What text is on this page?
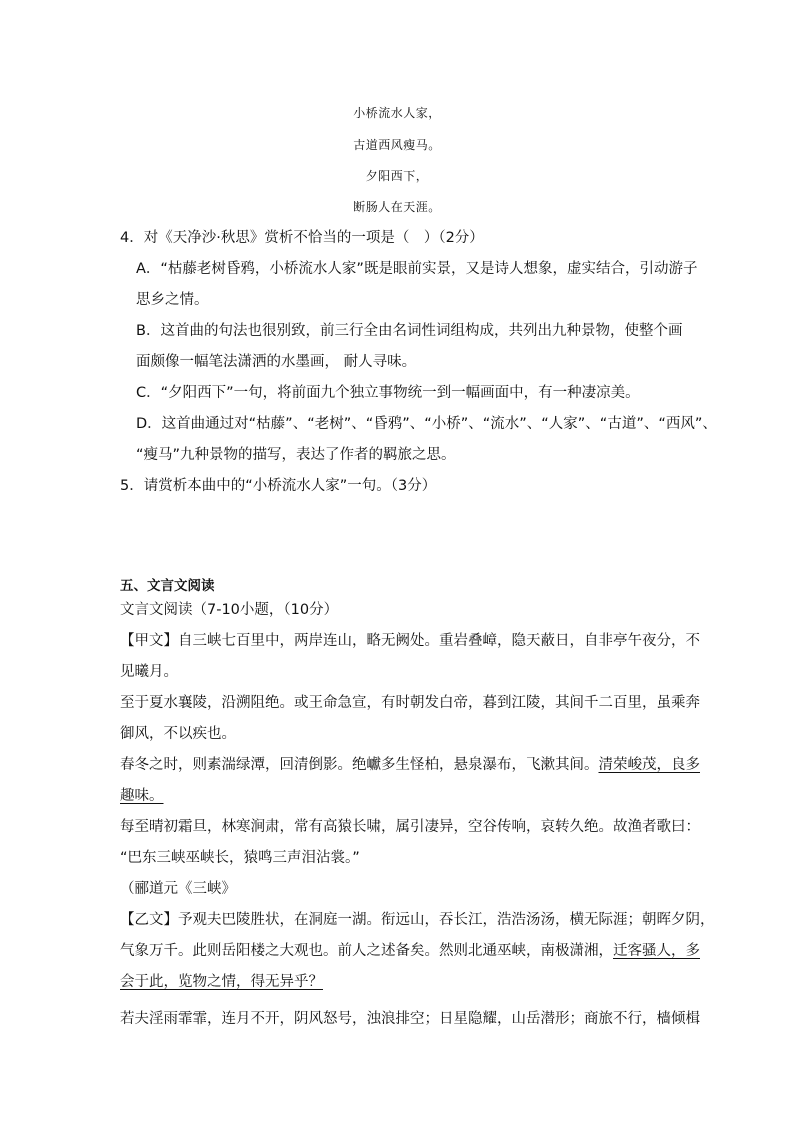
小桥流水人家，
古道西风瘦马。
夕阳西下，
断肠人在天涯。
4．对《天净沙·秋思》赏析不恰当的一项是（　）（2分）
A．“枯藤老树昏鸦，小桥流水人家”既是眼前实景，又是诗人想象，虚实结合，引动游子
思乡之情。
B．这首曲的句法也很别致，前三行全由名词性词组构成，共列出九种景物，使整个画
面颇像一幅笔法潇洒的水墨画， 耐人寻味。
C．“夕阳西下”一句，将前面九个独立事物统一到一幅画面中，有一种凄凉美。
D．这首曲通过对“枯藤”、“老树”、“昏鸦”、“小桥”、“流水”、“人家”、“古道”、“西风”、
“瘦马”九种景物的描写，表达了作者的羁旅之思。
5．请赏析本曲中的“小桥流水人家”一句。（3分）
五、文言文阅读
文言文阅读（7-10小题，（10分）
【甲文】自三峡七百里中，两岸连山，略无阙处。重岩叠嶂，隐天蔽日，自非亭午夜分，不
见曦月。
至于夏水襄陵，沿溯阻绝。或王命急宣，有时朝发白帝，暮到江陵，其间千二百里，虽乘奔
御风，不以疾也。
春冬之时，则素湍绿潭，回清倒影。绝巘多生怪柏，悬泉瀑布，飞漱其间。清荣峻茂，良多
趣味。
每至晴初霜旦，林寒涧肃，常有高猿长啸，属引凄异，空谷传响，哀转久绝。故渔者歌曰：
“巴东三峡巫峡长，猿鸣三声泪沾裳。”
（郦道元《三峡》
【乙文】予观夫巴陵胜状，在洞庭一湖。衔远山，吞长江，浩浩汤汤，横无际涯；朝晖夕阴，
气象万千。此则岳阳楼之大观也。前人之述备矣。然则北通巫峡，南极潇湘，迁客骚人，多
会于此，览物之情，得无异乎？
若夫淫雨霏霏，连月不开，阴风怒号，浊浪排空；日星隐耀，山岳潜形；商旅不行，樯倾楫
